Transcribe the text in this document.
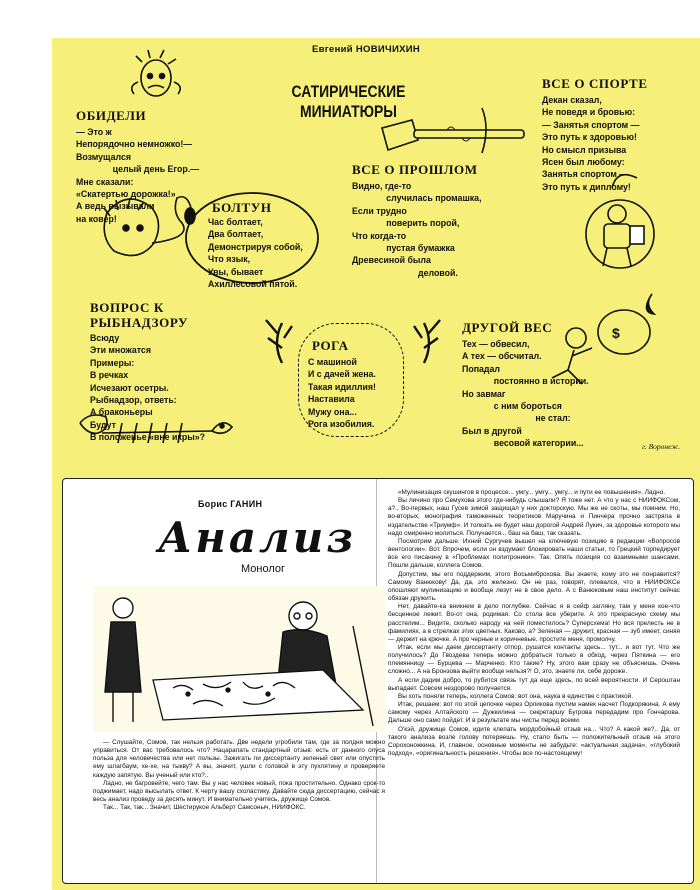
Евгений НОВИЧИХИН
САТИРИЧЕСКИЕ МИНИАТЮРЫ
$
ОБИДЕЛИ
— Это ж
Непорядочно немножко!—
Возмущался
целый день Егор.—
Мне сказали:
«Скатертью дорожка!»
А ведь вызывали
на ковер!
ВСЕ О СПОРТЕ
Декан сказал,
Не поведя и бровью:
— Занятья спортом —
Это путь к здоровью!
Но смысл призыва
Ясен был любому:
Занятья спортом —
Это путь к диплому!
ВСЕ О ПРОШЛОМ
Видно, где-то
случилась промашка,
Если трудно
поверить порой,
Что когда-то
пустая бумажка
Древесиной была
деловой.
БОЛТУН
Час болтает,
Два болтает,
Демонстрируя собой,
Что язык,
Увы, бывает
Ахиллесовой пятой.
ВОПРОС К РЫБНАДЗОРУ
Всюду
Эти множатся
Примеры:
В речках
Исчезают осетры.
Рыбнадзор, ответь:
А браконьеры
Будут
В положенье «вне икры»?
РОГА
С машиной
И с дачей жена.
Такая идиллия!
Наставила
Мужу она...
Рога изобилия.
ДРУГОЙ ВЕС
Тех — обвесил,
А тех — обсчитал.
Попадал
постоянно в истории.
Но завмаг
с ним бороться
не стал:
Был в другой
весовой категории...	г. Воронеж.
Борис ГАНИН
Анализ
Монолог

— Слушайте, Сомов, так нельзя работать. Две недели угробили там, где за полдня можно управиться. От вас требовалось что? Нацарапать стандартный отзыв: есть от данного опуса польза для человечества или нет пользы. Зажигать ли диссертанту зеленый свет или опустить ему шлагбаум, хе-хе, на тыкву? А вы, значит, ушли с головой в эту пухлятину и проверяете каждую запятую. Вы ученый или кто?..

Ладно, не багровейте, чего там. Вы у нас человек новый, пока простительно. Однако срок-то поджимает, надо высылать ответ. К черту вашу схоластику. Давайте сюда диссертацию, сейчас я весь анализ проведу за десять минут. И внимательно учитесь, дружище Сомов.

Так... Так, так... Значит, Шестирукое Альберт Самсоныч, НИИФОКС.

«Мулинизация скушингов в процессе... умгу... умгу... умгу... и пути ее повышения». Ладно.

Вы личино про Семухова этого где-нибудь слышали? Я тоже нет. А что у нас с НИИФОКСом, а?.. Во-первых, наш Гусев зимой защищал у них докторскую. Мы же не скоты, мы помним. Но, во-вторых, монография таможенных теоретиков Маручина и Пинчера прочно застряла в издательстве «Триумф». И толкать ее будет наш дорогой Андрей Лукич, за здоровье которого мы надо смиренно молиться. Получается... баш на баш, так сказать.

Посмотрим дальше. Ихний Сургучев вышел на ключевую позицию в редакции «Вопросов вентологии». Вот. Впрочем, если он вздумает блокировать наши статьи, то Грецкий торпедирует все его писанину в «Проблемах политроники». Так. Опять позиция со взаимными шансами. Пошли дальше, коллега Сомов.

Допустим, мы его поддержим, этого Восьмиброхова. Вы знаете, кому это не понравится? Самому Ванюкову! Да, да, это железно. Он не раз, говорят, плевался, что в НИИФОКСе опошляют мулинизацию и вообще лезут не в свое дело. А с Ванюковым наш институт сейчас обязан дружить.

Нет, давайте-ка вникнем в дело поглубже. Сейчас я в сейф загляну, там у меня кое-что бесценное лежит. Во-от она, родимая. Со стола все уберите. А это прекрасную схему мы расстелим... Видите, сколько народу на ней поместилось? Суперсхема! Но вся прелесть не в фамилиях, а в стрелках этих цветных. Каково, а? Зеленая — дружит, красная — зуб имеет, синяя — держит на крючке. А про черные и коричневые, простите меня, промолчу.

Итак, если мы даем диссертанту отпор, рушатся контакты здесь... тут... и вот тут. Что же получилось? До Гвоздева теперь можно добраться только в обход, через Пяткина — его племянницу — Бурцева — Марченко. Кто такие? Ну, этого вам сразу не объяснишь. Очень сложно... А на Бронзова выйти вообще нельзя?! О, это, знаете ли, себе дороже.

А если дадим добро, то рубится связь тут да еще здесь, по всей вероятности. И Сероштан выпадает. Совсем нездорово получается.

Вы хоть поняли теперь, коллега Сомов: вот она, наука в единстве с практикой.

Итак, решаем: вот по этой цепочке через Орликова пустим намек насчет Подкорякина. А ему самому через Алтайского — Дужкилина — секретаршу Бугрова передадим про Гончарова. Дальше оно само пойдет. И в результате мы чисты перед всеми.

О'кэй, дружище Сомов, идите клепать мордобойный отзыв на... Что? А какой же?.. Да, от такого анализа возле голову потеряешь. Ну, стало быть — положительный отзыв на этого Сорохоножкина. И, главное, основные моменты не забудьте: «актуальная задача», «глубокий подход», «оригинальность решения». Чтобы все по-настоящему!
